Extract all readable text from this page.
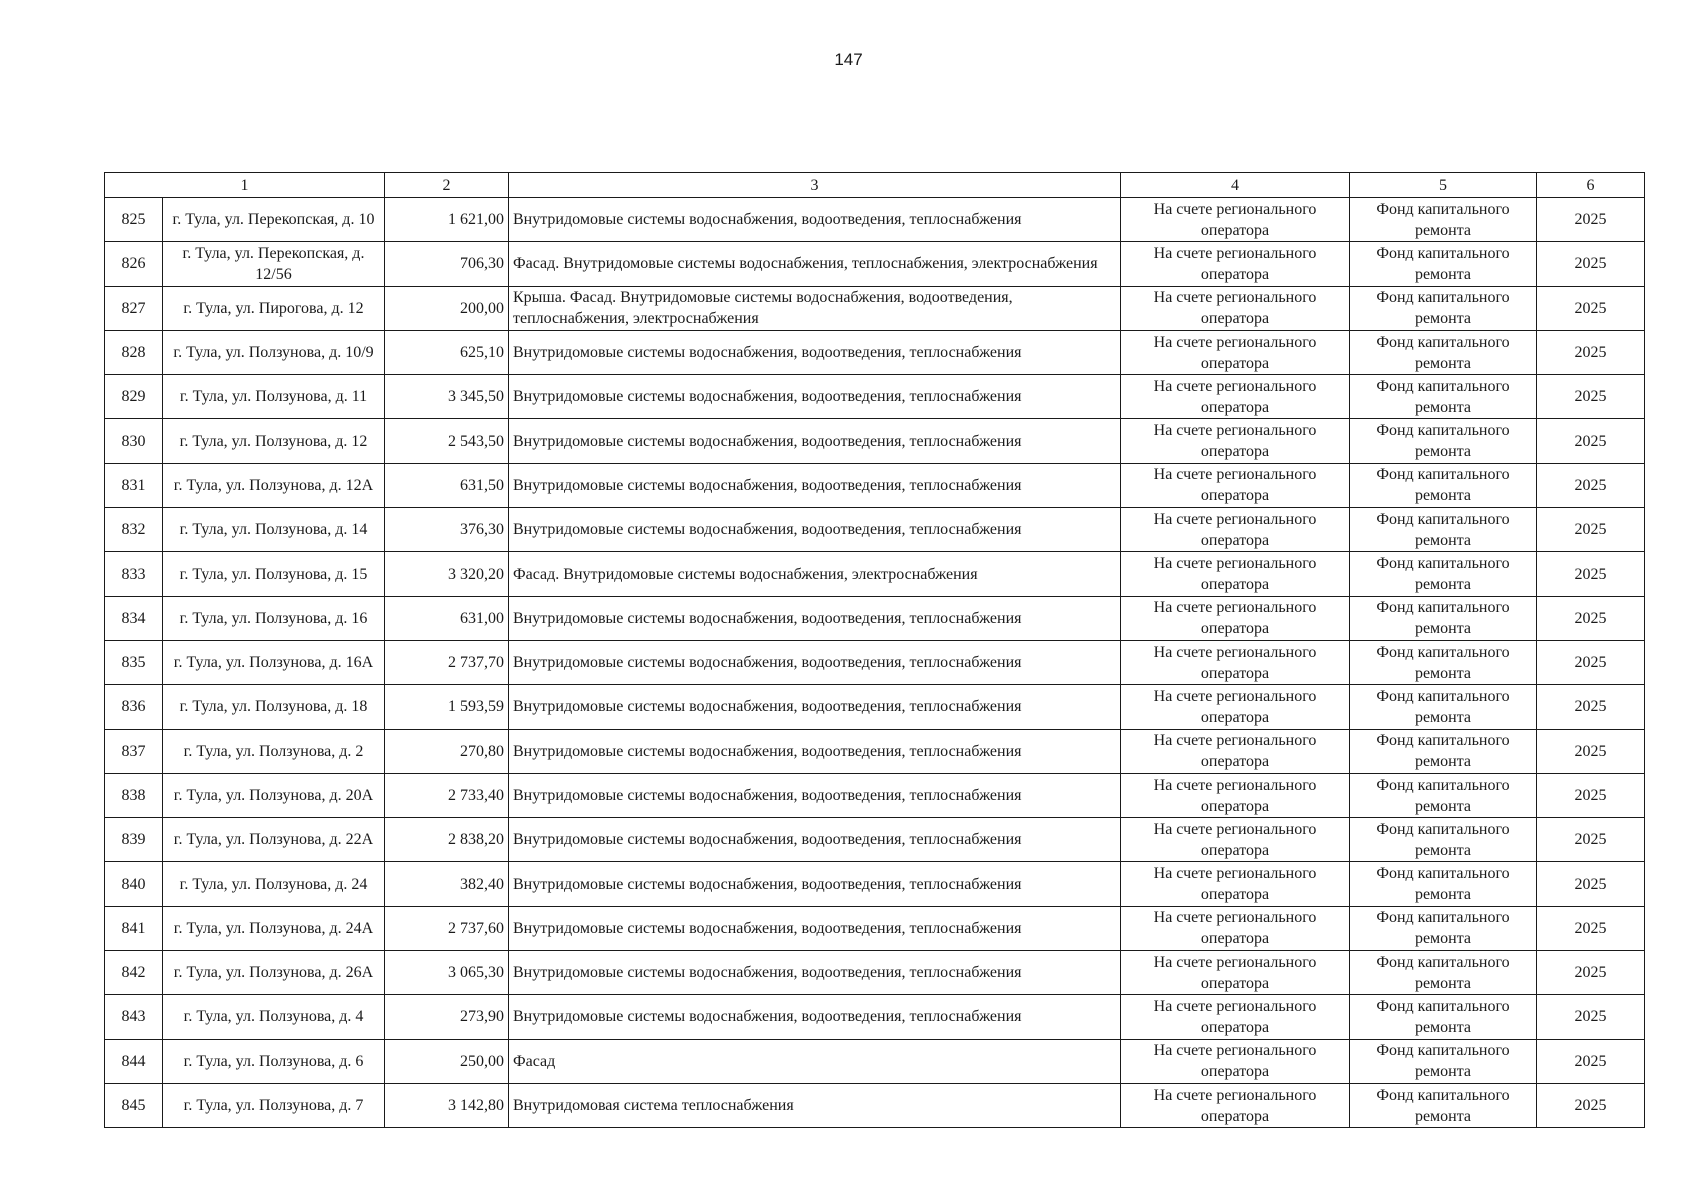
147
1		2	3	4	5	6
825	г. Тула, ул. Перекопская, д. 10	1 621,00	Внутридомовые системы водоснабжения, водоотведения, теплоснабжения	На счете регионального оператора	Фонд капитального ремонта	2025
826	г. Тула, ул. Перекопская, д. 12/56	706,30	Фасад. Внутридомовые системы водоснабжения, теплоснабжения, электроснабжения	На счете регионального оператора	Фонд капитального ремонта	2025
827	г. Тула, ул. Пирогова, д. 12	200,00	Крыша. Фасад. Внутридомовые системы водоснабжения, водоотведения, теплоснабжения, электроснабжения	На счете регионального оператора	Фонд капитального ремонта	2025
828	г. Тула, ул. Ползунова, д. 10/9	625,10	Внутридомовые системы водоснабжения, водоотведения, теплоснабжения	На счете регионального оператора	Фонд капитального ремонта	2025
829	г. Тула, ул. Ползунова, д. 11	3 345,50	Внутридомовые системы водоснабжения, водоотведения, теплоснабжения	На счете регионального оператора	Фонд капитального ремонта	2025
830	г. Тула, ул. Ползунова, д. 12	2 543,50	Внутридомовые системы водоснабжения, водоотведения, теплоснабжения	На счете регионального оператора	Фонд капитального ремонта	2025
831	г. Тула, ул. Ползунова, д. 12А	631,50	Внутридомовые системы водоснабжения, водоотведения, теплоснабжения	На счете регионального оператора	Фонд капитального ремонта	2025
832	г. Тула, ул. Ползунова, д. 14	376,30	Внутридомовые системы водоснабжения, водоотведения, теплоснабжения	На счете регионального оператора	Фонд капитального ремонта	2025
833	г. Тула, ул. Ползунова, д. 15	3 320,20	Фасад. Внутридомовые системы водоснабжения, электроснабжения	На счете регионального оператора	Фонд капитального ремонта	2025
834	г. Тула, ул. Ползунова, д. 16	631,00	Внутридомовые системы водоснабжения, водоотведения, теплоснабжения	На счете регионального оператора	Фонд капитального ремонта	2025
835	г. Тула, ул. Ползунова, д. 16А	2 737,70	Внутридомовые системы водоснабжения, водоотведения, теплоснабжения	На счете регионального оператора	Фонд капитального ремонта	2025
836	г. Тула, ул. Ползунова, д. 18	1 593,59	Внутридомовые системы водоснабжения, водоотведения, теплоснабжения	На счете регионального оператора	Фонд капитального ремонта	2025
837	г. Тула, ул. Ползунова, д. 2	270,80	Внутридомовые системы водоснабжения, водоотведения, теплоснабжения	На счете регионального оператора	Фонд капитального ремонта	2025
838	г. Тула, ул. Ползунова, д. 20А	2 733,40	Внутридомовые системы водоснабжения, водоотведения, теплоснабжения	На счете регионального оператора	Фонд капитального ремонта	2025
839	г. Тула, ул. Ползунова, д. 22А	2 838,20	Внутридомовые системы водоснабжения, водоотведения, теплоснабжения	На счете регионального оператора	Фонд капитального ремонта	2025
840	г. Тула, ул. Ползунова, д. 24	382,40	Внутридомовые системы водоснабжения, водоотведения, теплоснабжения	На счете регионального оператора	Фонд капитального ремонта	2025
841	г. Тула, ул. Ползунова, д. 24А	2 737,60	Внутридомовые системы водоснабжения, водоотведения, теплоснабжения	На счете регионального оператора	Фонд капитального ремонта	2025
842	г. Тула, ул. Ползунова, д. 26А	3 065,30	Внутридомовые системы водоснабжения, водоотведения, теплоснабжения	На счете регионального оператора	Фонд капитального ремонта	2025
843	г. Тула, ул. Ползунова, д. 4	273,90	Внутридомовые системы водоснабжения, водоотведения, теплоснабжения	На счете регионального оператора	Фонд капитального ремонта	2025
844	г. Тула, ул. Ползунова, д. 6	250,00	Фасад	На счете регионального оператора	Фонд капитального ремонта	2025
845	г. Тула, ул. Ползунова, д. 7	3 142,80	Внутридомовая система теплоснабжения	На счете регионального оператора	Фонд капитального ремонта	2025
